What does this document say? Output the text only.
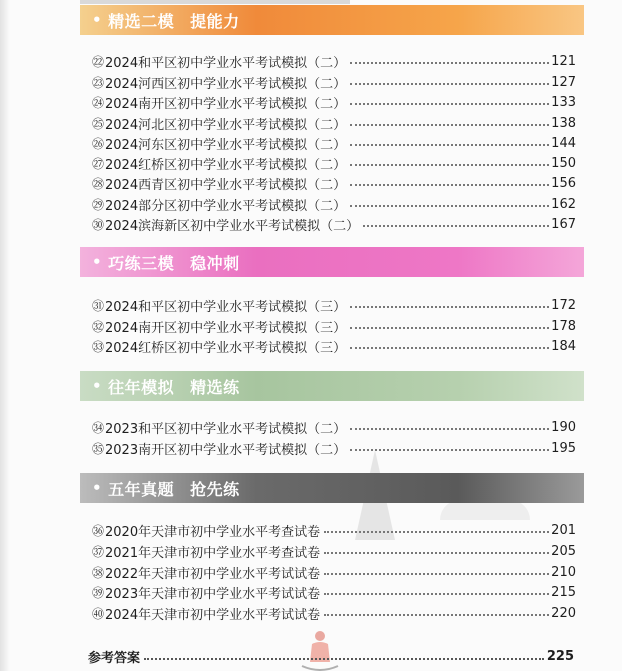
• 精选二模 提能力
㉒ 2024和平区初中学业水平考试模拟（二）	121
㉓ 2024河西区初中学业水平考试模拟（二）	127
㉔ 2024南开区初中学业水平考试模拟（二）	133
㉕ 2024河北区初中学业水平考试模拟（二）	138
㉖ 2024河东区初中学业水平考试模拟（二）	144
㉗ 2024红桥区初中学业水平考试模拟（二）	150
㉘ 2024西青区初中学业水平考试模拟（二）	156
㉙ 2024部分区初中学业水平考试模拟（二）	162
㉚ 2024滨海新区初中学业水平考试模拟（二）	167
• 巧练三模 稳冲刺
㉛ 2024和平区初中学业水平考试模拟（三）	172
㉜ 2024南开区初中学业水平考试模拟（三）	178
㉝ 2024红桥区初中学业水平考试模拟（三）	184
• 往年模拟 精选练
㉞ 2023和平区初中学业水平考试模拟（二）	190
㉟ 2023南开区初中学业水平考试模拟（二）	195
• 五年真题 抢先练
㊱ 2020年天津市初中学业水平考查试卷	201
㊲ 2021年天津市初中学业水平考查试卷	205
㊳ 2022年天津市初中学业水平考试试卷	210
㊴ 2023年天津市初中学业水平考试试卷	215
㊵ 2024年天津市初中学业水平考试试卷	220
参考答案	225
